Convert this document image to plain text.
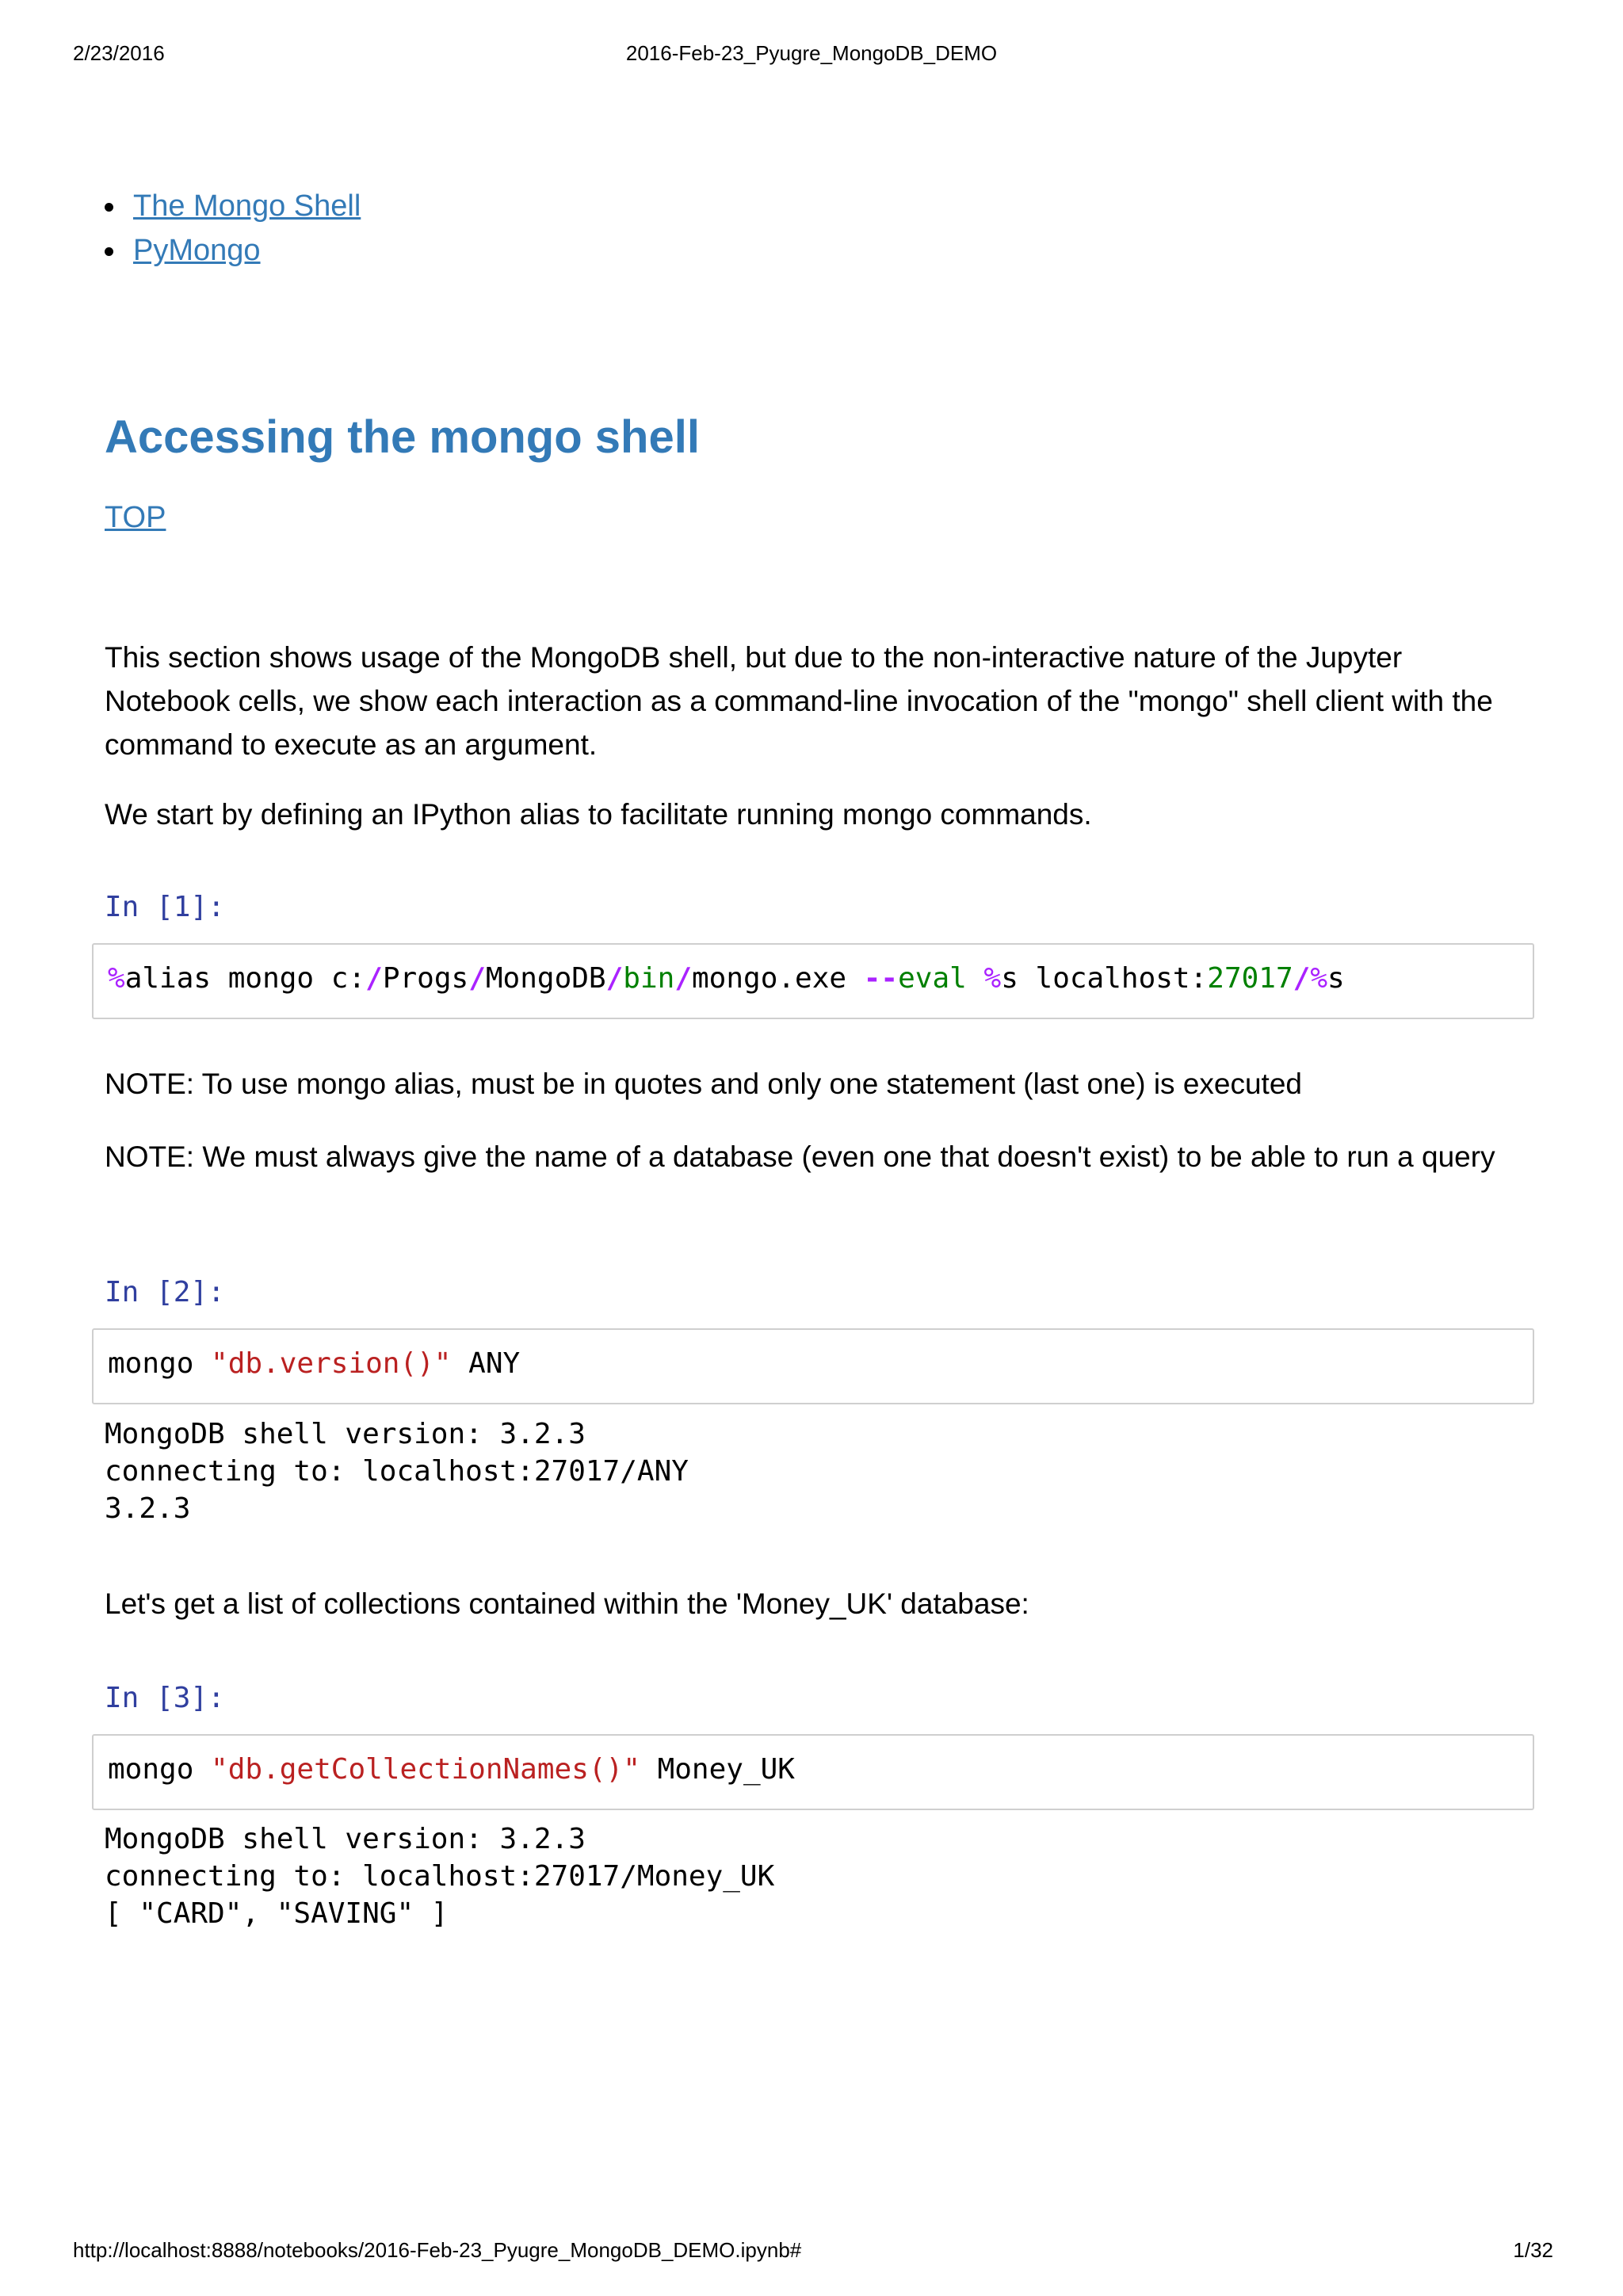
2/23/2016	2016-Feb-23_Pyugre_MongoDB_DEMO
The Mongo Shell
PyMongo
Accessing the mongo shell
TOP

This section shows usage of the MongoDB shell, but due to the non-interactive nature of the Jupyter Notebook cells, we show each interaction as a command-line invocation of the "mongo" shell client with the command to execute as an argument.

We start by defining an IPython alias to facilitate running mongo commands.

In [1]:
%alias mongo c:/Progs/MongoDB/bin/mongo.exe --eval %s localhost:27017/%s

NOTE: To use mongo alias, must be in quotes and only one statement (last one) is executed

NOTE: We must always give the name of a database (even one that doesn't exist) to be able to run a query

In [2]:
mongo "db.version()" ANY
MongoDB shell version: 3.2.3
connecting to: localhost:27017/ANY
3.2.3

Let's get a list of collections contained within the 'Money_UK' database:

In [3]:
mongo "db.getCollectionNames()" Money_UK
MongoDB shell version: 3.2.3
connecting to: localhost:27017/Money_UK
[ "CARD", "SAVING" ]
http://localhost:8888/notebooks/2016-Feb-23_Pyugre_MongoDB_DEMO.ipynb#	1/32
